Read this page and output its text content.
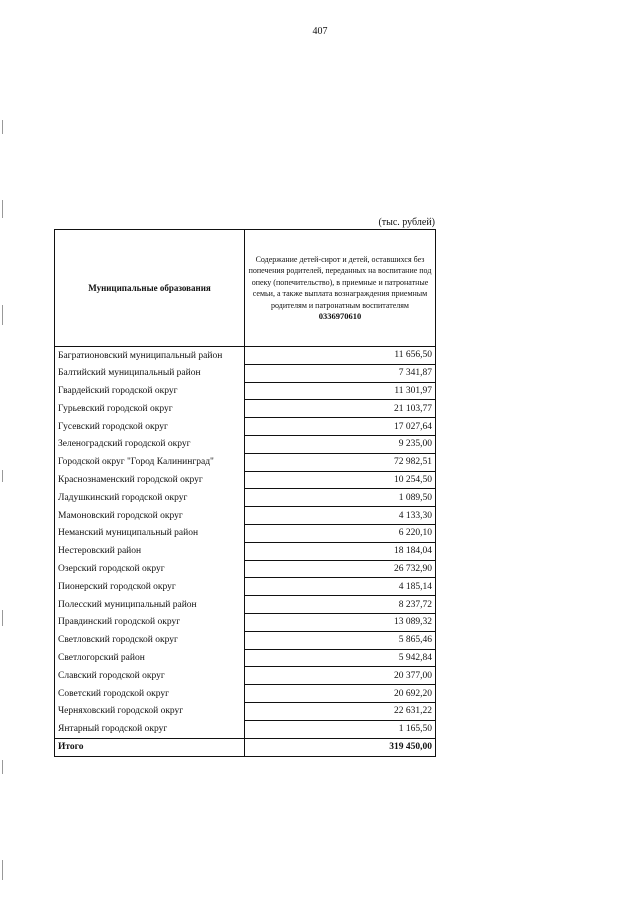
407
(тыс. рублей)
Муниципальные образования	Содержание детей-сирот и детей, оставшихся без попечения родителей, переданных на воспитание под опеку (попечительство), в приемные и патронатные семьи, а также выплата вознаграждения приемным родителям и патронатным воспитателям
0336970610

Багратионовский муниципальный район	11 656,50
Балтийский муниципальный район	7 341,87
Гвардейский городской округ	11 301,97
Гурьевский городской округ	21 103,77
Гусевский городской округ	17 027,64
Зеленоградский городской округ	9 235,00
Городской округ "Город Калининград"	72 982,51
Краснознаменский городской округ	10 254,50
Ладушкинский городской округ	1 089,50
Мамоновский городской округ	4 133,30
Неманский муниципальный район	6 220,10
Нестеровский район	18 184,04
Озерский городской округ	26 732,90
Пионерский городской округ	4 185,14
Полесский муниципальный район	8 237,72
Правдинский городской округ	13 089,32
Светловский городской округ	5 865,46
Светлогорский район	5 942,84
Славский городской округ	20 377,00
Советский городской округ	20 692,20
Черняховский городской округ	22 631,22
Янтарный городской округ	1 165,50
Итого	319 450,00
